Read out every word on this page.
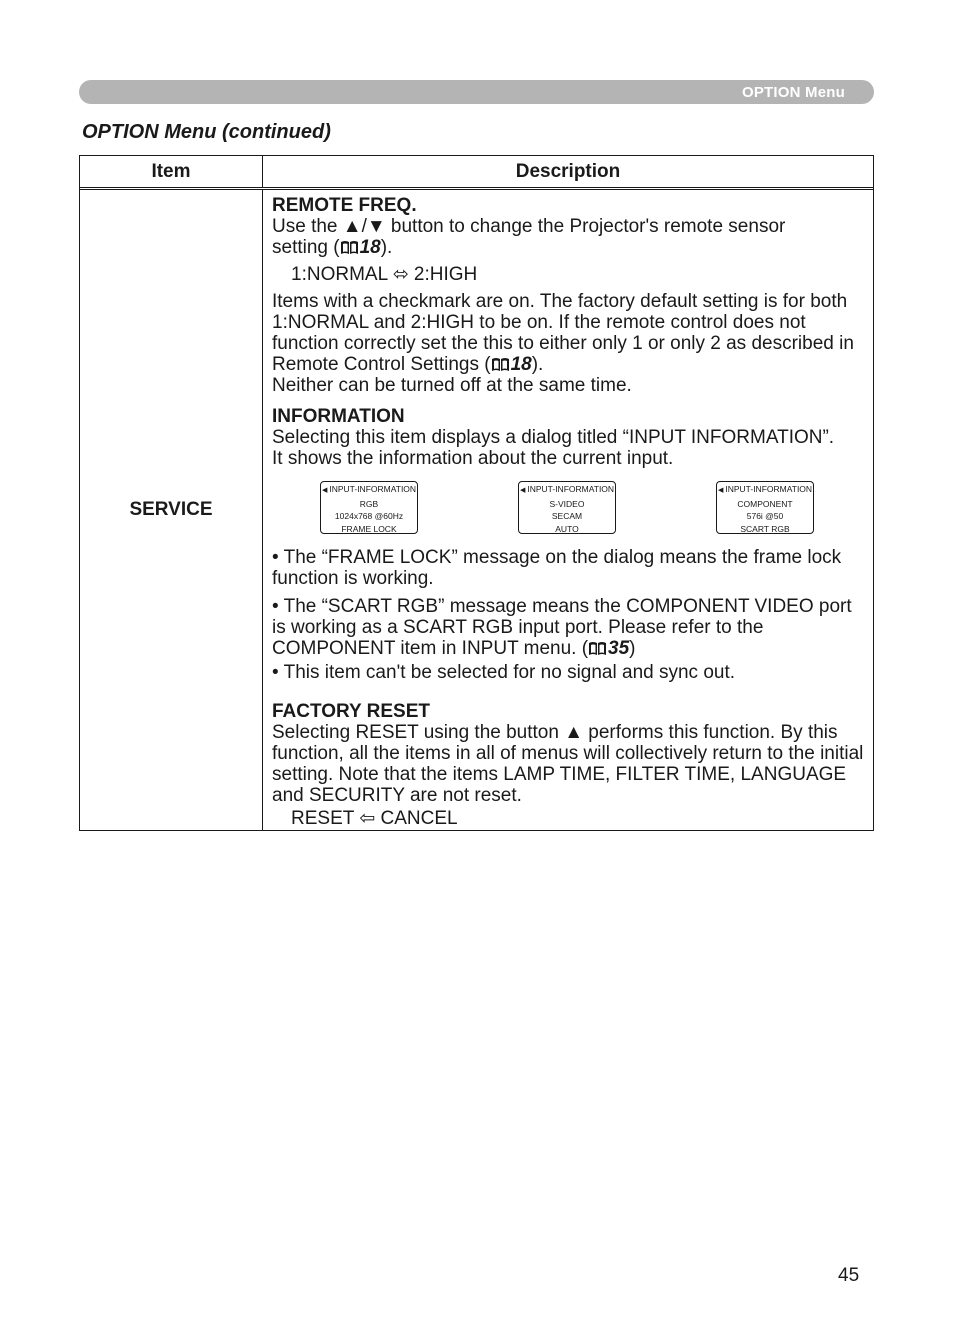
OPTION Menu
OPTION Menu (continued)
Item	Description
SERVICE

REMOTE FREQ.

Use the ▲/▼ button to change the Projector's remote sensor

setting ( 18).

1:NORMAL ⬄ 2:HIGH

Items with a checkmark are on. The factory default setting is for both 1:NORMAL and 2:HIGH to be on. If the remote control does not function correctly set the this to either only 1 or only 2 as described in Remote Control Settings ( 18).

Neither can be turned off at the same time.

INFORMATION

Selecting this item displays a dialog titled “INPUT INFORMATION”.

It shows the information about the current input.

◀ INPUT-INFORMATION
RGB
1024x768 @60Hz
FRAME LOCK
◀ INPUT-INFORMATION
S-VIDEO
SECAM
AUTO
◀ INPUT-INFORMATION
COMPONENT
576i @50
SCART RGB

• The “FRAME LOCK” message on the dialog means the frame lock function is working.

• The “SCART RGB” message means the COMPONENT VIDEO port is working as a SCART RGB input port. Please refer to the COMPONENT item in INPUT menu. ( 35)

• This item can't be selected for no signal and sync out.

FACTORY RESET

Selecting RESET using the button ▲ performs this function. By this function, all the items in all of menus will collectively return to the initial setting. Note that the items LAMP TIME, FILTER TIME, LANGUAGE and SECURITY are not reset.

RESET ⇦ CANCEL

45
